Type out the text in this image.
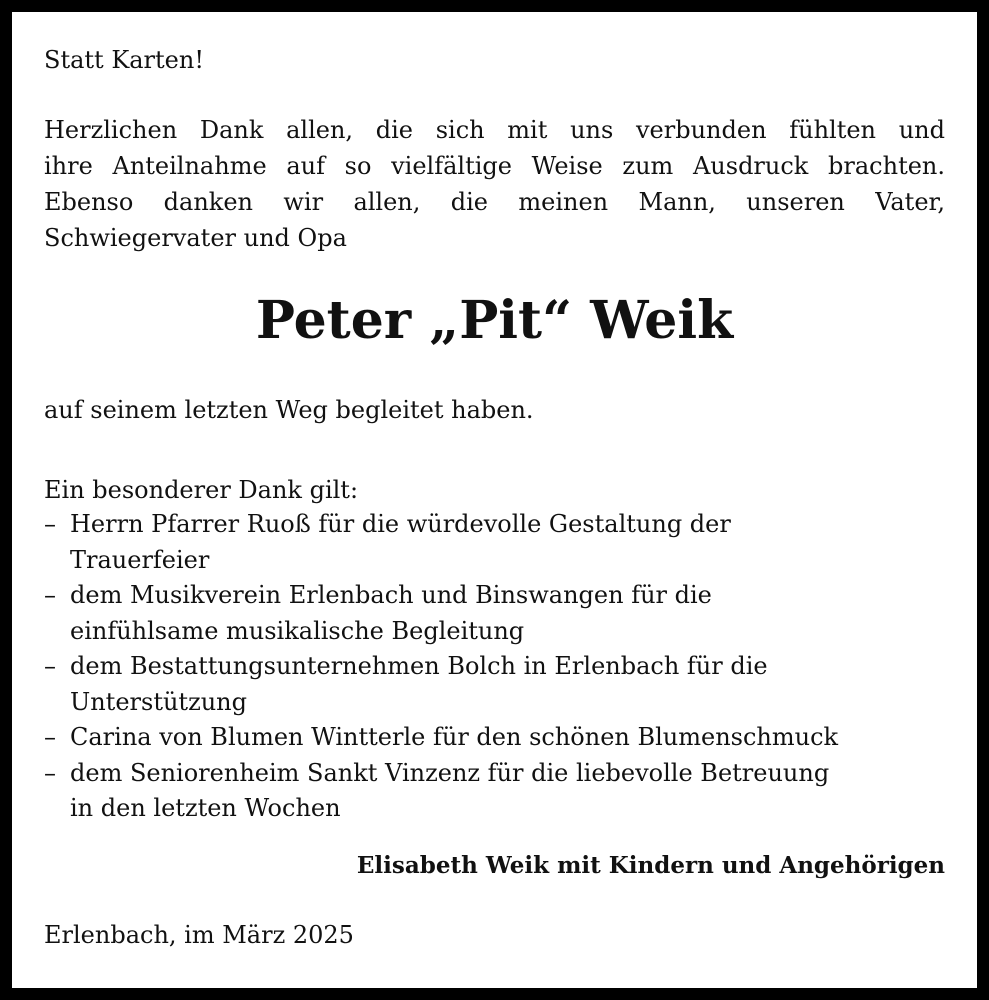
Statt Karten!
Herzlichen Dank allen, die sich mit uns verbunden fühlten und
ihre Anteilnahme auf so vielfältige Weise zum Ausdruck brachten.
Ebenso danken wir allen, die meinen Mann, unseren Vater,
Schwiegervater und Opa
Peter „Pit“ Weik
auf seinem letzten Weg begleitet haben.
Ein besonderer Dank gilt:
– Herrn Pfarrer Ruoß für die würdevolle Gestaltung der
Trauerfeier
– dem Musikverein Erlenbach und Binswangen für die
einfühlsame musikalische Begleitung
– dem Bestattungsunternehmen Bolch in Erlenbach für die
Unterstützung
– Carina von Blumen Wintterle für den schönen Blumenschmuck
– dem Seniorenheim Sankt Vinzenz für die liebevolle Betreuung
in den letzten Wochen
Elisabeth Weik mit Kindern und Angehörigen
Erlenbach, im März 2025
